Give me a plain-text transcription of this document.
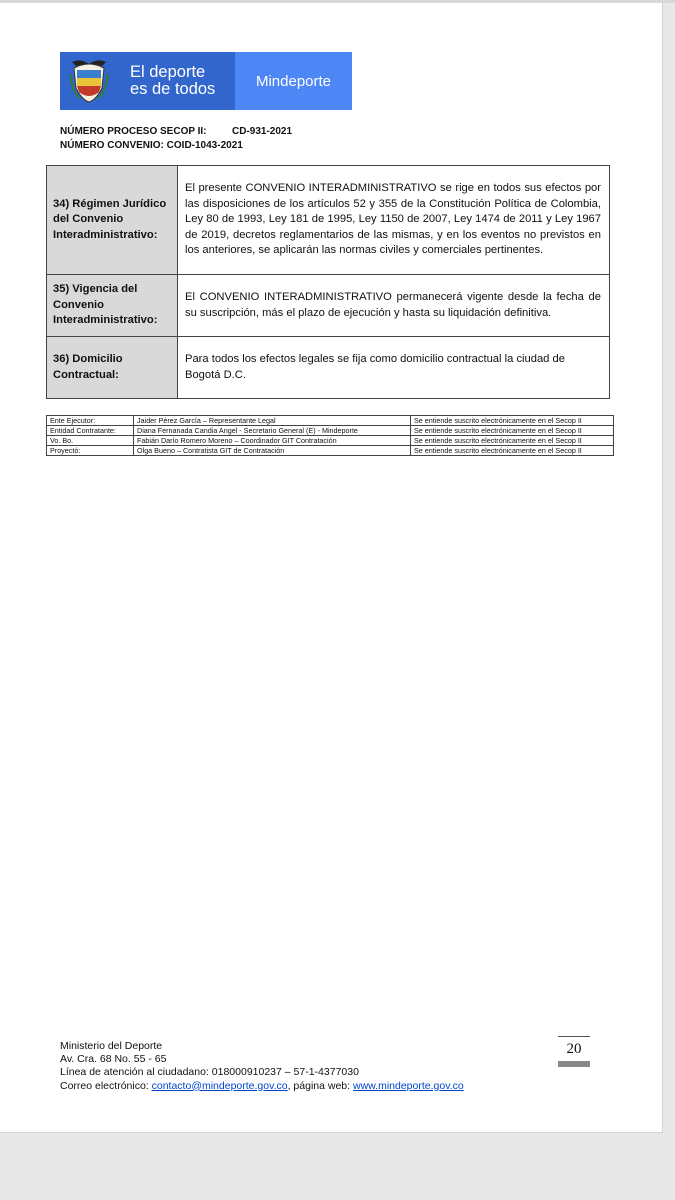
El deporte
es de todos	Mindeporte
NÚMERO PROCESO SECOP II:	CD-931-2021
NÚMERO CONVENIO: COID-1043-2021
34) Régimen Jurídico del Convenio Interadministrativo:	El presente CONVENIO INTERADMINISTRATIVO se rige en todos sus efectos por las disposiciones de los artículos 52 y 355 de la Constitución Política de Colombia, Ley 80 de 1993, Ley 181 de 1995, Ley 1150 de 2007, Ley 1474 de 2011 y Ley 1967 de 2019, decretos reglamentarios de las mismas, y en los eventos no previstos en los anteriores, se aplicarán las normas civiles y comerciales pertinentes.
35) Vigencia del Convenio Interadministrativo:	El CONVENIO INTERADMINISTRATIVO permanecerá vigente desde la fecha de su suscripción, más el plazo de ejecución y hasta su liquidación definitiva.
36) Domicilio Contractual:	Para todos los efectos legales se fija como domicilio contractual la ciudad de Bogotá D.C.
Ente Ejecutor:	Jaider Pérez García – Representante Legal	Se entiende suscrito electrónicamente en el Secop II
Entidad Contratante:	Diana Fernanada Candia Angel - Secretario General (E) - Mindeporte	Se entiende suscrito electrónicamente en el Secop II
Vo. Bo.	Fabián Darío Romero Moreno – Coordinador GIT Contratación	Se entiende suscrito electrónicamente en el Secop II
Proyectó:	Olga Bueno – Contratista GIT de Contratación	Se entiende suscrito electrónicamente en el Secop II
Ministerio del Deporte
Av. Cra. 68 No. 55 - 65
Línea de atención al ciudadano: 018000910237 – 57-1-4377030
Correo electrónico: contacto@mindeporte.gov.co, página web: www.mindeporte.gov.co
20
